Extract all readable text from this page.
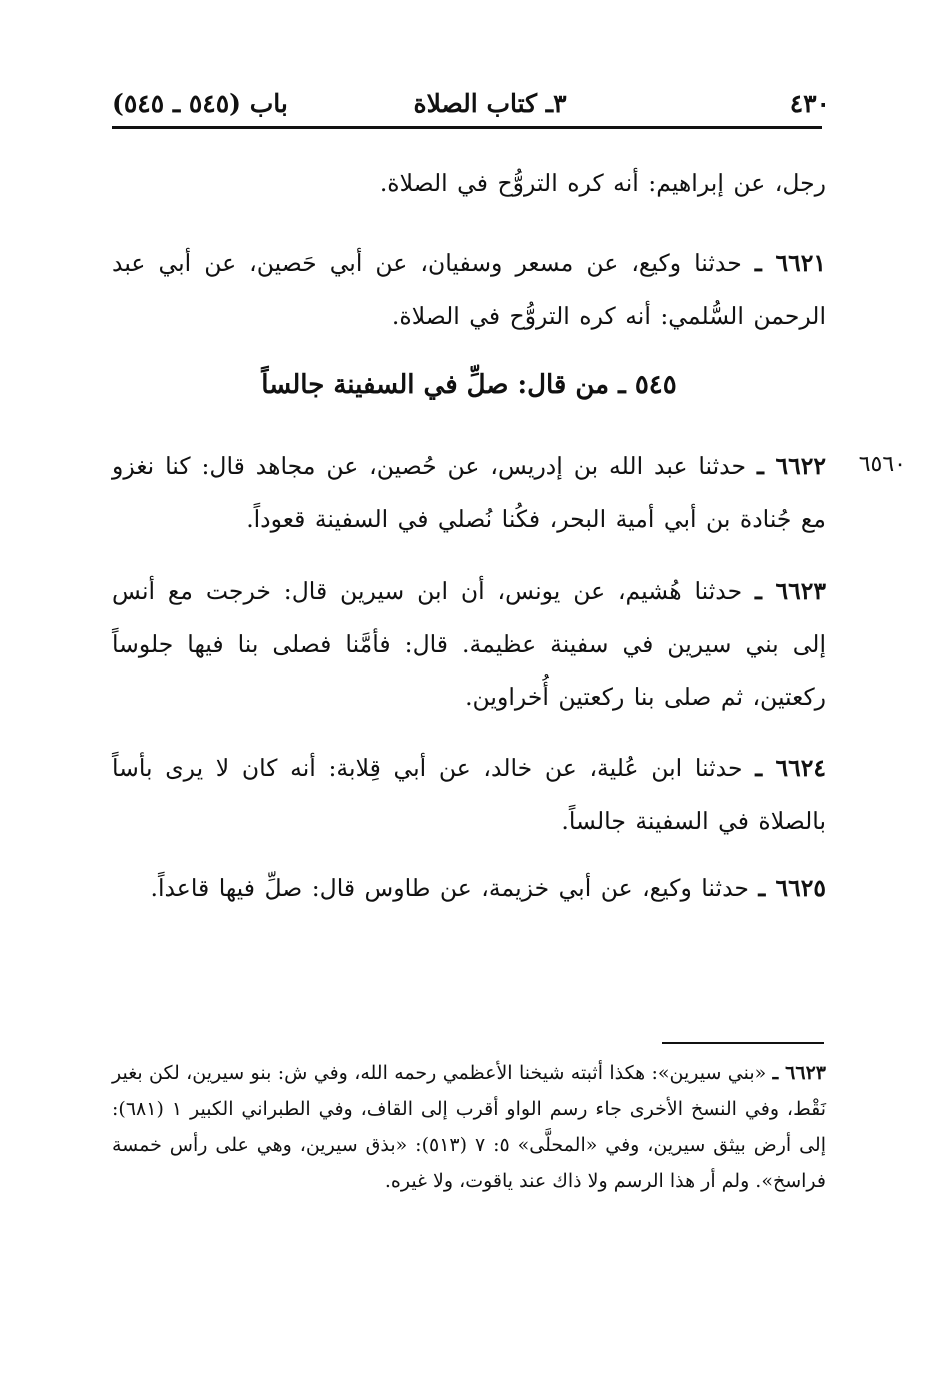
٤٣٠
٣ـ كتاب الصلاة
باب (٥٤٥ ـ ٥٤٥)
رجل، عن إبراهيم: أنه كره التروُّح في الصلاة.
٦٦٢١ ـ حدثنا وكيع، عن مسعر وسفيان، عن أبي حَصين، عن أبي عبد الرحمن السُّلمي: أنه كره التروُّح في الصلاة.
٥٤٥ ـ من قال: صلِّ في السفينة جالساً
٦٥٦٠
٦٦٢٢ ـ حدثنا عبد الله بن إدريس، عن حُصين، عن مجاهد قال: كنا نغزو مع جُنادة بن أبي أمية البحر، فكُنا نُصلي في السفينة قعوداً.
٦٦٢٣ ـ حدثنا هُشيم، عن يونس، أن ابن سيرين قال: خرجت مع أنس إلى بني سيرين في سفينة عظيمة. قال: فأمَّنا فصلى بنا فيها جلوساً ركعتين، ثم صلى بنا ركعتين أُخراوين.
٦٦٢٤ ـ حدثنا ابن عُلية، عن خالد، عن أبي قِلابة: أنه كان لا يرى بأساً بالصلاة في السفينة جالساً.
٦٦٢٥ ـ حدثنا وكيع، عن أبي خزيمة، عن طاوس قال: صلِّ فيها قاعداً.
٦٦٢٣ ـ «بني سيرين»: هكذا أثبته شيخنا الأعظمي رحمه الله، وفي ش: بنو سيرين، لكن بغير نَقْط، وفي النسخ الأخرى جاء رسم الواو أقرب إلى القاف، وفي الطبراني الكبير ١ (٦٨١): إلى أرض بيثق سيرين، وفي «المحلَّى» ٥: ٧ (٥١٣): «بذق سيرين، وهي على رأس خمسة فراسخ». ولم أر هذا الرسم ولا ذاك عند ياقوت، ولا غيره.
